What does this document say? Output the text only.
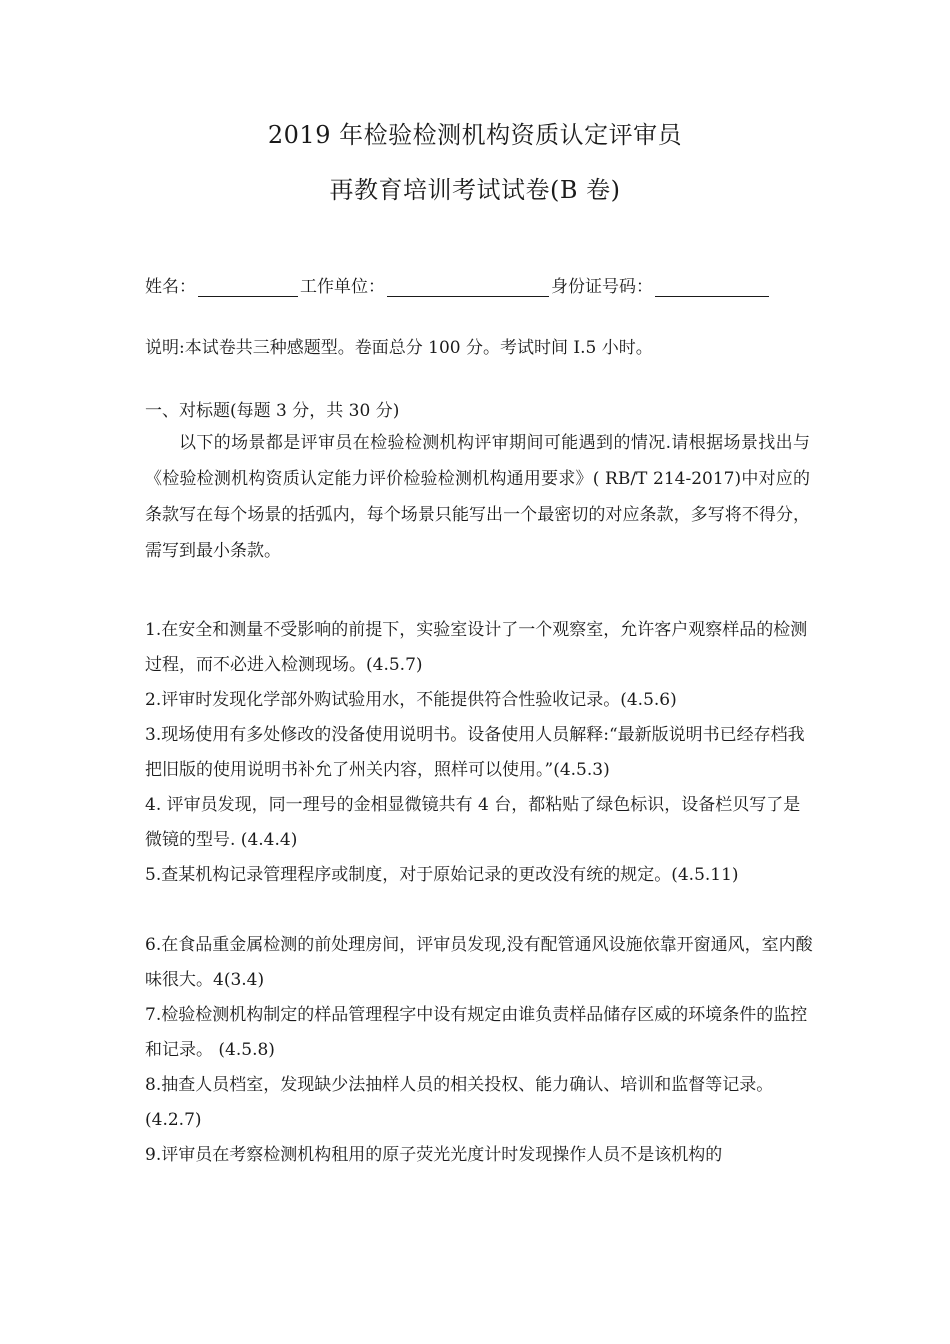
2019 年检验检测机构资质认定评审员
再教育培训考试试卷(B 卷)
姓名：	工作单位：	身份证号码：
说明:本试卷共三种感题型。卷面总分 100 分。考试时间 I.5 小时。
一、对标题(每题 3 分，共 30 分)
以下的场景都是评审员在检验检测机构评审期间可能遇到的情况.请根据场景找出与《检验检测机构资质认定能力评价检验检测机构通用要求》( RB/T 214-2017)中对应的条款写在每个场景的括弧内，每个场景只能写出一个最密切的对应条款，多写将不得分，需写到最小条款。
1.在安全和测量不受影响的前提下，实验室设计了一个观察室，允许客户观察样品的检测过程，而不必进入检测现场。(4.5.7)
2.评审时发现化学部外购试验用水，不能提供符合性验收记录。(4.5.6)
3.现场使用有多处修改的没备使用说明书。设备使用人员解释:“最新版说明书已经存档我把旧版的使用说明书补允了州关内容，照样可以使用。”(4.5.3)
4. 评审员发现，同一理号的金相显微镜共有 4 台，都粘贴了绿色标识，设备栏贝写了是微镜的型号. (4.4.4)
5.查某机构记录管理程序或制度，对于原始记录的更改没有统的规定。(4.5.11)
6.在食品重金属检测的前处理房间，评审员发现,没有配管通风设施依靠开窗通风，室内酸味很大。4(3.4)
7.检验检测机构制定的样品管理程字中设有规定由谁负责样品储存区威的环境条件的监控和记录。 (4.5.8)
8.抽查人员档室，发现缺少法抽样人员的相关投权、能力确认、培训和监督等记录。(4.2.7)
9.评审员在考察检测机构租用的原子荧光光度计时发现操作人员不是该机构的
